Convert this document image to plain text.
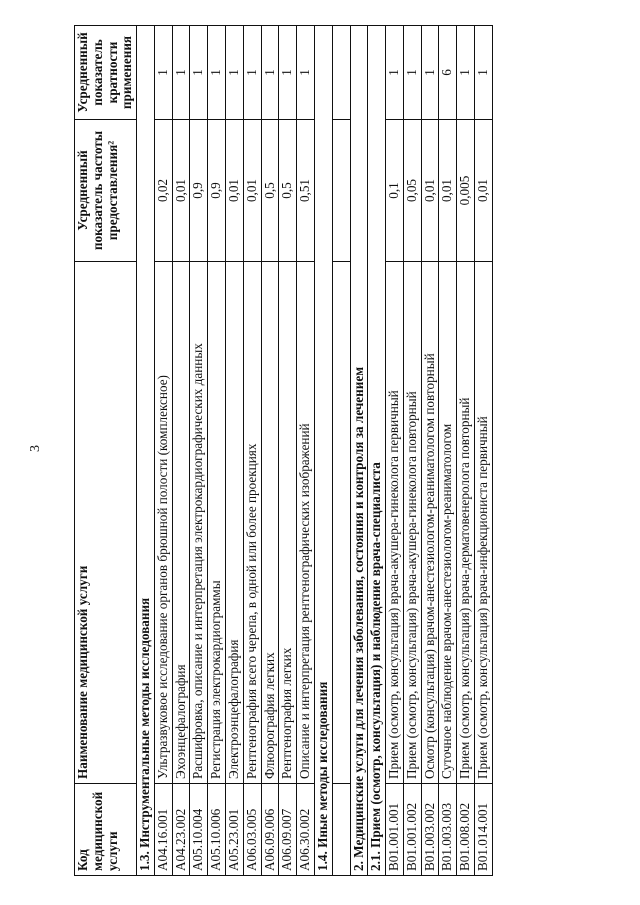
3
Код медицинской услуги	Наименование медицинской услуги	Усредненный показатель частоты предоставления²	Усредненный показатель кратности применения
1.3. Инструментальные методы исследования			
A04.16.001	Ультразвуковое исследование органов брюшной полости (комплексное)	0,02	1
A04.23.002	Эхоэнцефалография	0,01	1
A05.10.004	Расшифровка, описание и интерпретация электрокардиографических данных	0,9	1
A05.10.006	Регистрация электрокардиограммы	0,9	1
A05.23.001	Электроэнцефалография	0,01	1
A06.03.005	Рентгенография всего черепа, в одной или более проекциях	0,01	1
A06.09.006	Флюорография легких	0,5	1
A06.09.007	Рентгенография легких	0,5	1
A06.30.002	Описание и интерпретация рентгенографических изображений	0,51	1
1.4. Иные методы исследования			

2. Медицинские услуги для лечения заболевания, состояния и контроля за лечением			
2.1. Прием (осмотр, консультация) и наблюдение врача-специалиста			
B01.001.001	Прием (осмотр, консультация) врача-акушера-гинеколога первичный	0,1	1
B01.001.002	Прием (осмотр, консультация) врача-акушера-гинеколога повторный	0,05	1
B01.003.002	Осмотр (консультация) врачом-анестезиологом-реаниматологом повторный	0,01	1
B01.003.003	Суточное наблюдение врачом-анестезиологом-реаниматологом	0,01	6
B01.008.002	Прием (осмотр, консультация) врача-дерматовенеролога повторный	0,005	1
B01.014.001	Прием (осмотр, консультация) врача-инфекциониста первичный	0,01	1
